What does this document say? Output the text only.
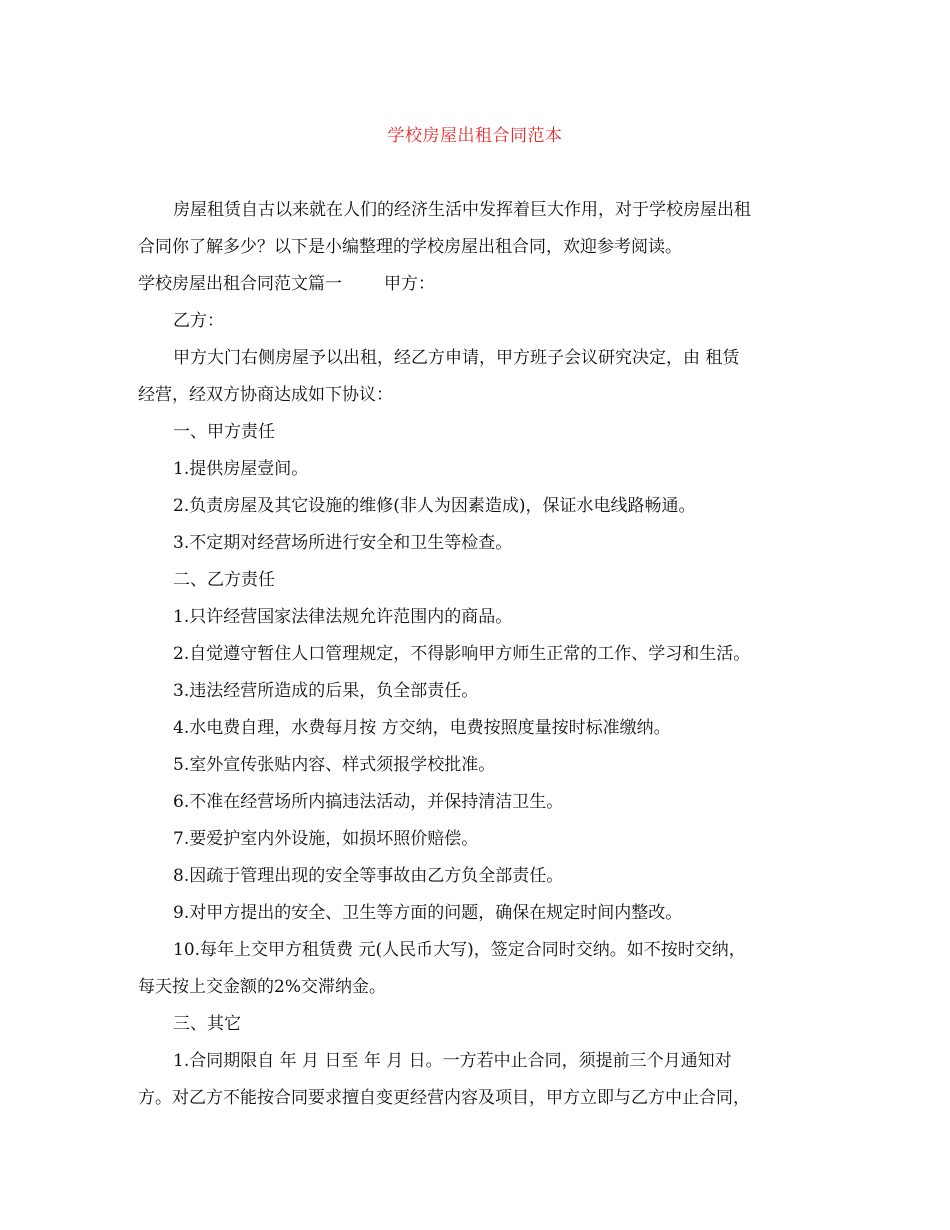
学校房屋出租合同范本

房屋租赁自古以来就在人们的经济生活中发挥着巨大作用，对于学校房屋出租

合同你了解多少？以下是小编整理的学校房屋出租合同，欢迎参考阅读。

学校房屋出租合同范文篇一 甲方：

乙方：

甲方大门右侧房屋予以出租，经乙方申请，甲方班子会议研究决定，由 租赁

经营，经双方协商达成如下协议：

一、甲方责任

1.提供房屋壹间。

2.负责房屋及其它设施的维修(非人为因素造成)，保证水电线路畅通。

3.不定期对经营场所进行安全和卫生等检查。

二、乙方责任

1.只许经营国家法律法规允许范围内的商品。

2.自觉遵守暂住人口管理规定，不得影响甲方师生正常的工作、学习和生活。

3.违法经营所造成的后果，负全部责任。

4.水电费自理，水费每月按 方交纳，电费按照度量按时标准缴纳。

5.室外宣传张贴内容、样式须报学校批准。

6.不准在经营场所内搞违法活动，并保持清洁卫生。

7.要爱护室内外设施，如损坏照价赔偿。

8.因疏于管理出现的安全等事故由乙方负全部责任。

9.对甲方提出的安全、卫生等方面的问题，确保在规定时间内整改。

10.每年上交甲方租赁费 元(人民币大写)，签定合同时交纳。如不按时交纳，

每天按上交金额的2%交滞纳金。

三、其它

1.合同期限自 年 月 日至 年 月 日。一方若中止合同，须提前三个月通知对

方。对乙方不能按合同要求擅自变更经营内容及项目，甲方立即与乙方中止合同，
